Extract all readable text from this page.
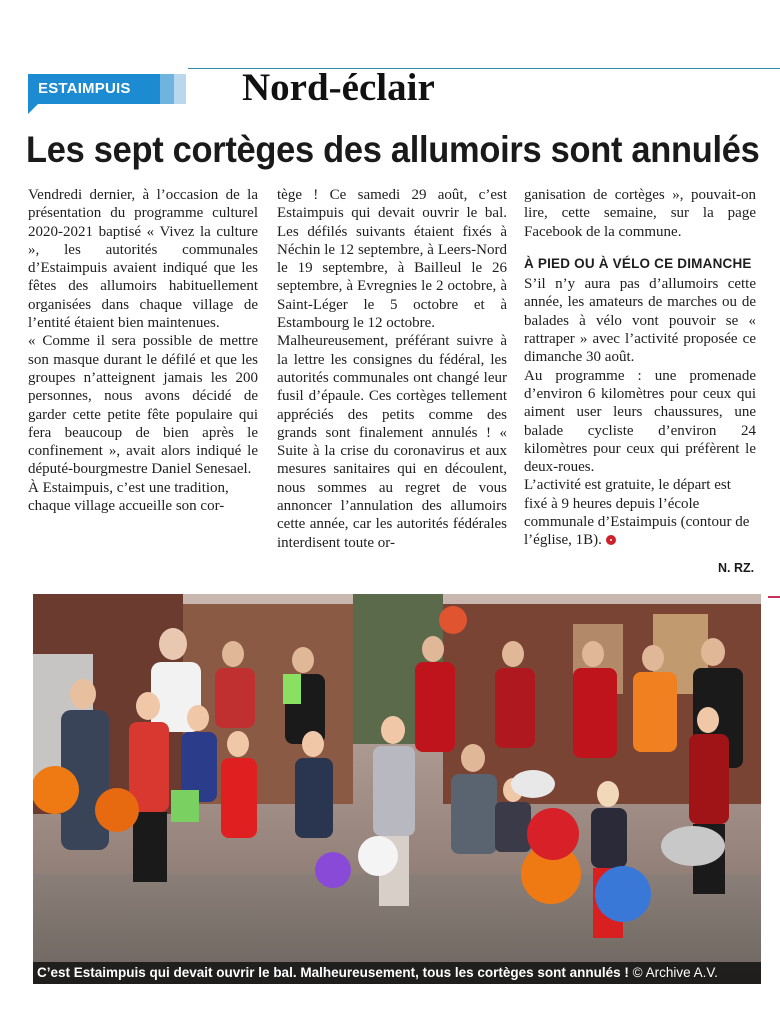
ESTAIMPUIS	Nord-éclair
Les sept cortèges des allumoirs sont annulés

Vendredi dernier, à l’occasion de la présentation du programme culturel 2020-2021 baptisé « Vivez la culture », les autorités communales d’Estaimpuis avaient indiqué que les fêtes des allumoirs habituellement organisées dans chaque village de l’entité étaient bien maintenues.

« Comme il sera possible de mettre son masque durant le défilé et que les groupes n’atteignent jamais les 200 personnes, nous avons décidé de garder cette petite fête populaire qui fera beaucoup de bien après le confinement », avait alors indiqué le député-bourgmestre Daniel Senesael.

À Estaimpuis, c’est une tradition, chaque village accueille son cor-

tège ! Ce samedi 29 août, c’est Estaimpuis qui devait ouvrir le bal. Les défilés suivants étaient fixés à Néchin le 12 septembre, à Leers-Nord le 19 septembre, à Bailleul le 26 septembre, à Evregnies le 2 octobre, à Saint-Léger le 5 octobre et à Estambourg le 12 octobre.

Malheureusement, préférant suivre à la lettre les consignes du fédéral, les autorités communales ont changé leur fusil d’épaule. Ces cortèges tellement appréciés des petits comme des grands sont finalement annulés ! « Suite à la crise du coronavirus et aux mesures sanitaires qui en découlent, nous sommes au regret de vous annoncer l’annulation des allumoirs cette année, car les autorités fédérales interdisent toute or-

ganisation de cortèges », pouvait-on lire, cette semaine, sur la page Facebook de la commune.

À PIED OU À VÉLO CE DIMANCHE

S’il n’y aura pas d’allumoirs cette année, les amateurs de marches ou de balades à vélo vont pouvoir se « rattraper » avec l’activité proposée ce dimanche 30 août.

Au programme : une promenade d’environ 6 kilomètres pour ceux qui aiment user leurs chaussures, une balade cycliste d’environ 24 kilomètres pour ceux qui préfèrent le deux-roues.

L’activité est gratuite, le départ est fixé à 9 heures depuis l’école communale d’Estaimpuis (contour de l’église, 1B).

N. RZ.
C’est Estaimpuis qui devait ouvrir le bal. Malheureusement, tous les cortèges sont annulés ! © Archive A.V.
